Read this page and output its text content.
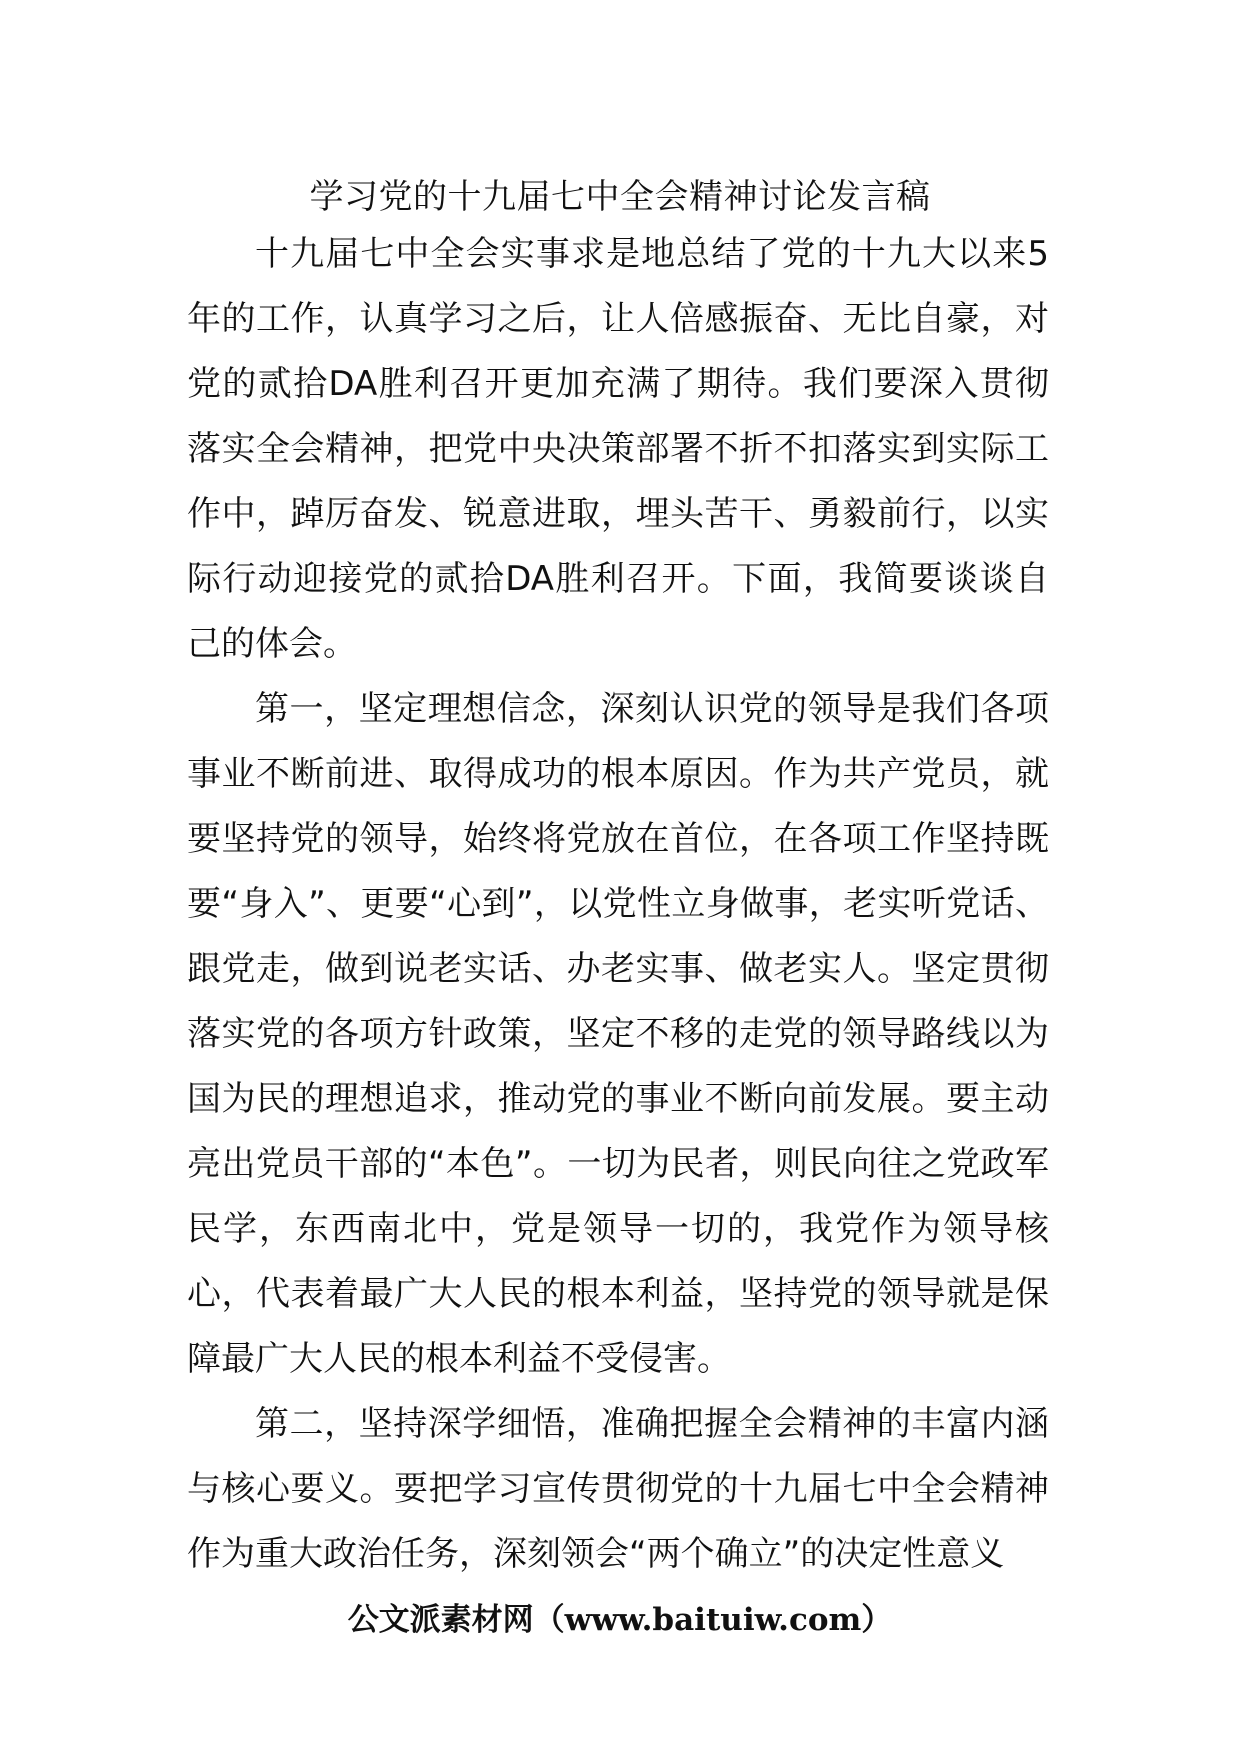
学习党的十九届七中全会精神讨论发言稿

十九届七中全会实事求是地总结了党的十九大以来5年的工作，认真学习之后，让人倍感振奋、无比自豪，对党的贰拾DA胜利召开更加充满了期待。我们要深入贯彻落实全会精神，把党中央决策部署不折不扣落实到实际工作中，踔厉奋发、锐意进取，埋头苦干、勇毅前行，以实际行动迎接党的贰拾DA胜利召开。下面，我简要谈谈自己的体会。

第一，坚定理想信念，深刻认识党的领导是我们各项事业不断前进、取得成功的根本原因。作为共产党员，就要坚持党的领导，始终将党放在首位，在各项工作坚持既要“身入”、更要“心到”，以党性立身做事，老实听党话、跟党走，做到说老实话、办老实事、做老实人。坚定贯彻落实党的各项方针政策，坚定不移的走党的领导路线以为国为民的理想追求，推动党的事业不断向前发展。要主动亮出党员干部的“本色”。一切为民者，则民向往之党政军民学，东西南北中，党是领导一切的，我党作为领导核心，代表着最广大人民的根本利益，坚持党的领导就是保障最广大人民的根本利益不受侵害。

第二，坚持深学细悟，准确把握全会精神的丰富内涵与核心要义。要把学习宣传贯彻党的十九届七中全会精神作为重大政治任务，深刻领会“两个确立”的决定性意义

公文派素材网（www.baituiw.com）
